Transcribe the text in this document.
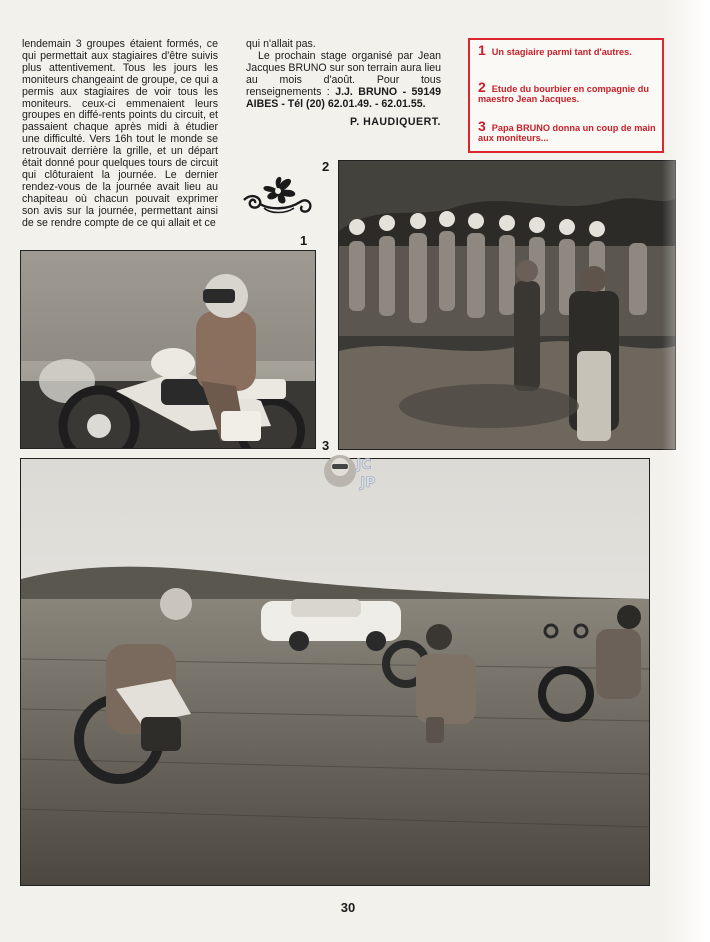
lendemain 3 groupes étaient formés, ce qui permettait aux stagiaires d'être suivis plus attentivement. Tous les jours les moniteurs changeaint de groupe, ce qui a permis aux stagiaires de voir tous les moniteurs. ceux-ci emmenaient leurs groupes en diffé-rents points du circuit, et passaient chaque après midi à étudier une difficulté. Vers 16h tout le monde se retrouvait derrière la grille, et un départ était donné pour quelques tours de circuit qui clôturaient la journée. Le dernier rendez-vous de la journée avait lieu au chapiteau où chacun pouvait exprimer son avis sur la journée, permettant ainsi de se rendre compte de ce qui allait et ce

qui n'allait pas.

Le prochain stage organisé par Jean Jacques BRUNO sur son terrain aura lieu au mois d'août. Pour tous renseignements : J.J. BRUNO - 59149 AIBES - Tél (20) 62.01.49. - 62.01.55.

P. HAUDIQUERT.
1 Un stagiaire parmi tant d'autres.
2 Etude du bourbier en compagnie du maestro Jean Jacques.
3 Papa BRUNO donna un coup de main aux moniteurs...
1
2
3
JC
JP
30
